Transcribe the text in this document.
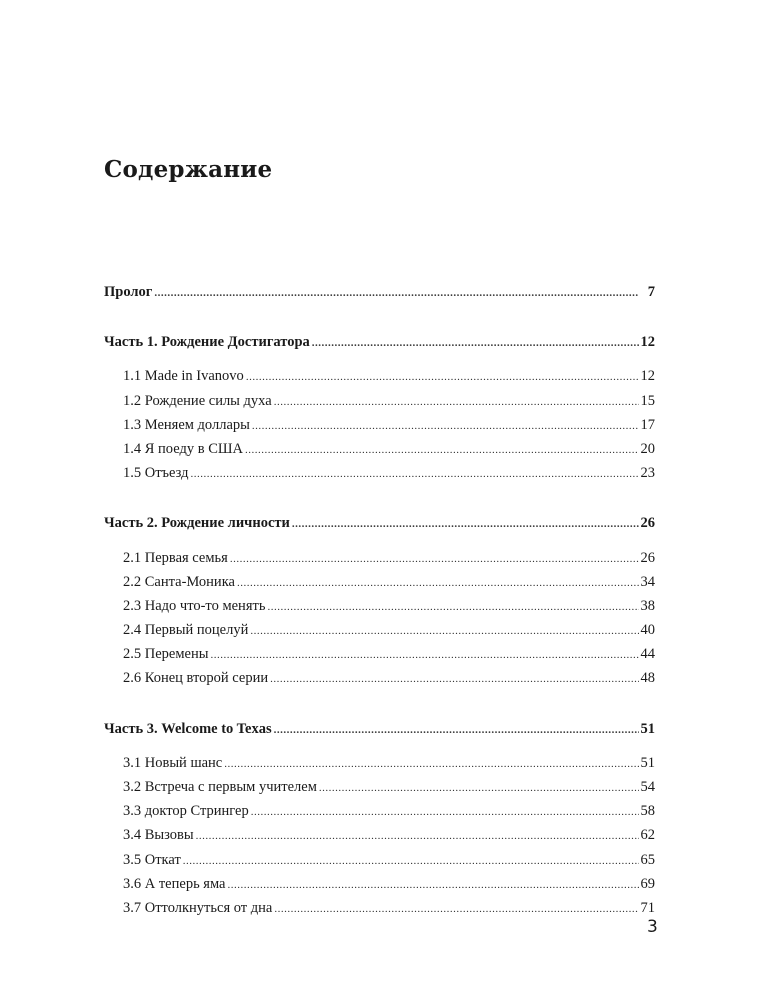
Содержание
Пролог .....	7
Часть 1. Рождение Достигатора .....	12
1.1 Made in Ivanovo .....	12
1.2 Рождение силы духа .....	15
1.3 Меняем доллары .....	17
1.4 Я поеду в США .....	20
1.5 Отъезд .....	23
Часть 2. Рождение личности .....	26
2.1 Первая семья .....	26
2.2 Санта-Моника .....	34
2.3 Надо что-то менять .....	38
2.4 Первый поцелуй .....	40
2.5 Перемены .....	44
2.6 Конец второй серии .....	48
Часть 3. Welcome to Texas .....	51
3.1 Новый шанс .....	51
3.2 Встреча с первым учителем .....	54
3.3 доктор Стрингер .....	58
3.4 Вызовы .....	62
3.5 Откат .....	65
3.6 А теперь яма .....	69
3.7 Оттолкнуться от дна .....	71
3
